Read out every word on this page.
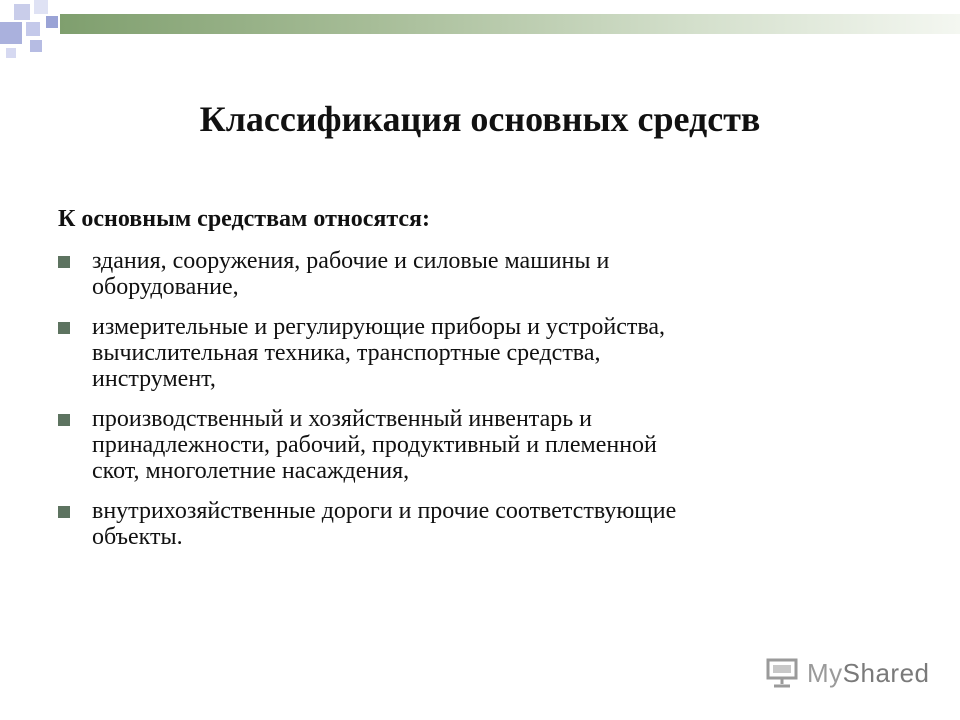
Классификация основных средств

К основным средствам относятся:

здания, сооружения, рабочие и силовые машины и
оборудование,
измерительные и регулирующие приборы и устройства,
вычислительная техника, транспортные средства,
инструмент,
производственный и хозяйственный инвентарь и
принадлежности, рабочий, продуктивный и племенной
скот, многолетние насаждения,
внутрихозяйственные дороги и прочие соответствующие
объекты.
MyShared
